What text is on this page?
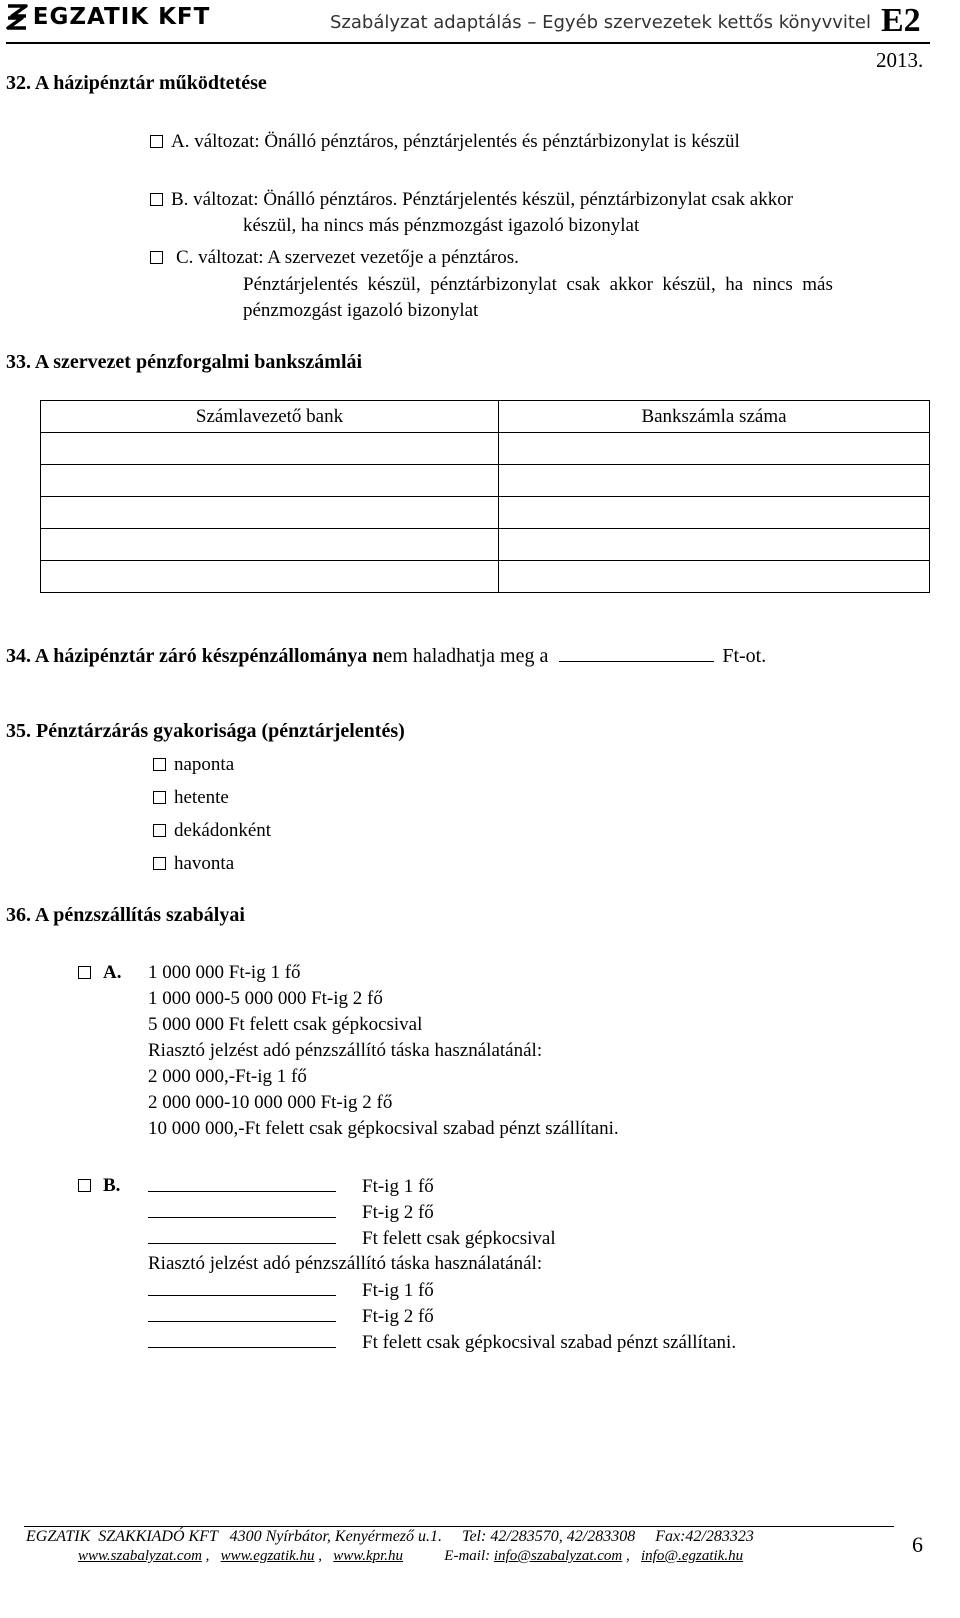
EGZATIK KFT	Szabályzat adaptálás – Egyéb szervezetek kettős könyvvitel E2
2013.
32. A házipénztár működtetése
A. változat: Önálló pénztáros, pénztárjelentés és pénztárbizonylat is készül
B. változat: Önálló pénztáros. Pénztárjelentés készül, pénztárbizonylat csak akkor
készül, ha nincs más pénzmozgást igazoló bizonylat
C. változat: A szervezet vezetője a pénztáros.
Pénztárjelentés  készül,  pénztárbizonylat  csak  akkor  készül,  ha  nincs  más
pénzmozgást igazoló bizonylat
33. A szervezet pénzforgalmi bankszámlái
Számlavezető bank	Bankszámla száma

34. A házipénztár záró készpénzállománya nem haladhatja meg a	Ft-ot.
35. Pénztárzárás gyakorisága (pénztárjelentés)
naponta
hetente
dekádonként
havonta
36. A pénzszállítás szabályai
A. 1 000 000 Ft-ig 1 fő
1 000 000-5 000 000 Ft-ig 2 fő
5 000 000 Ft felett csak gépkocsival
Riasztó jelzést adó pénzszállító táska használatánál:
2 000 000,-Ft-ig 1 fő
2 000 000-10 000 000 Ft-ig 2 fő
10 000 000,-Ft felett csak gépkocsival szabad pénzt szállítani.
B.	Ft-ig 1 fő
Ft-ig 2 fő
Ft felett csak gépkocsival
Riasztó jelzést adó pénzszállító táska használatánál:
Ft-ig 1 fő
Ft-ig 2 fő
Ft felett csak gépkocsival szabad pénzt szállítani.
EGZATIK  SZAKKIADÓ KFT   4300 Nyírbátor, Kenyérmező u.1.     Tel: 42/283570, 42/283308     Fax:42/283323
www.szabalyzat.com ,   www.egzatik.hu ,   www.kpr.hu	E-mail: info@szabalyzat.com ,   info@.egzatik.hu	6
